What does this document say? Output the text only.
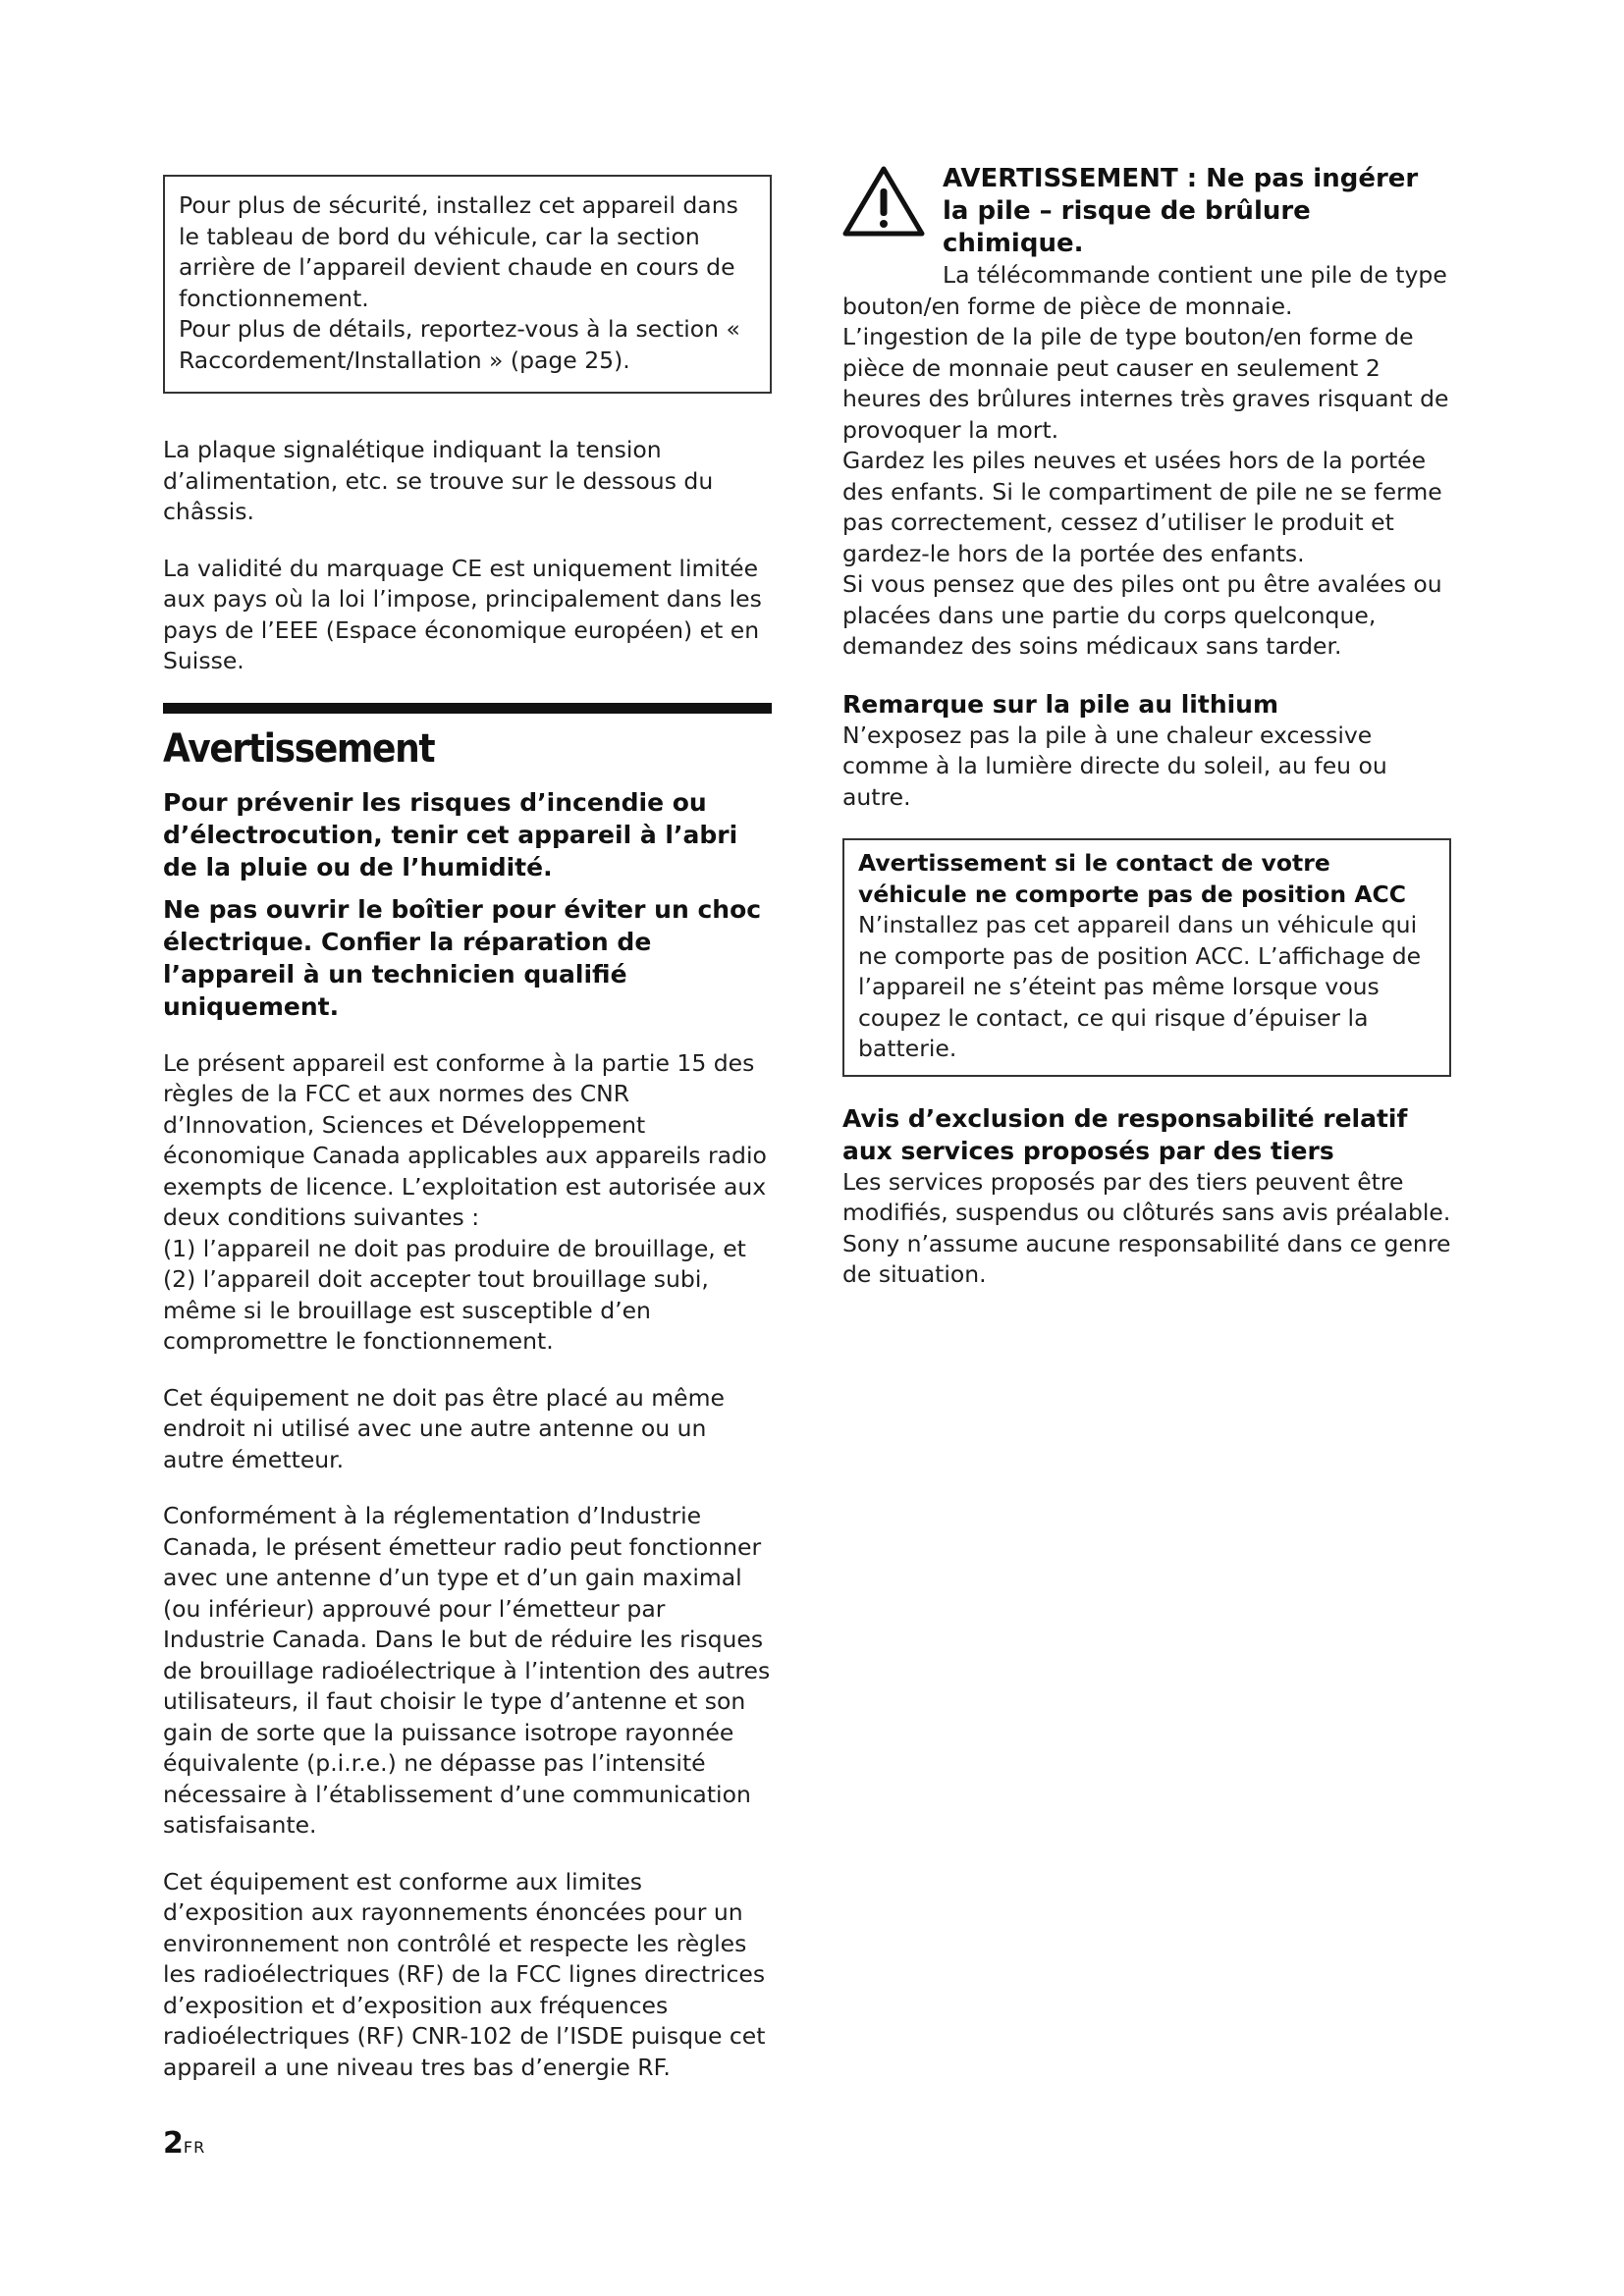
Pour plus de sécurité, installez cet appareil dans le tableau de bord du véhicule, car la section arrière de l’appareil devient chaude en cours de fonctionnement.

Pour plus de détails, reportez-vous à la section « Raccordement/Installation » (page 25).

La plaque signalétique indiquant la tension d’alimentation, etc. se trouve sur le dessous du châssis.

La validité du marquage CE est uniquement limitée aux pays où la loi l’impose, principalement dans les pays de l’EEE (Espace économique européen) et en Suisse.

Avertissement

Pour prévenir les risques d’incendie ou d’électrocution, tenir cet appareil à l’abri de la pluie ou de l’humidité.

Ne pas ouvrir le boîtier pour éviter un choc électrique. Confier la réparation de l’appareil à un technicien qualifié uniquement.

Le présent appareil est conforme à la partie 15 des règles de la FCC et aux normes des CNR d’Innovation, Sciences et Développement économique Canada applicables aux appareils radio exempts de licence. L’exploitation est autorisée aux deux conditions suivantes :

(1) l’appareil ne doit pas produire de brouillage, et (2) l’appareil doit accepter tout brouillage subi, même si le brouillage est susceptible d’en compromettre le fonctionnement.

Cet équipement ne doit pas être placé au même endroit ni utilisé avec une autre antenne ou un autre émetteur.

Conformément à la réglementation d’Industrie Canada, le présent émetteur radio peut fonctionner avec une antenne d’un type et d’un gain maximal (ou inférieur) approuvé pour l’émetteur par Industrie Canada. Dans le but de réduire les risques de brouillage radioélectrique à l’intention des autres utilisateurs, il faut choisir le type d’antenne et son gain de sorte que la puissance isotrope rayonnée équivalente (p.i.r.e.) ne dépasse pas l’intensité nécessaire à l’établissement d’une communication satisfaisante.

Cet équipement est conforme aux limites d’exposition aux rayonnements énoncées pour un environnement non contrôlé et respecte les règles les radioélectriques (RF) de la FCC lignes directrices d’exposition et d’exposition aux fréquences radioélectriques (RF) CNR-102 de l’ISDE puisque cet appareil a une niveau tres bas d’energie RF.

AVERTISSEMENT : Ne pas ingérer la pile – risque de brûlure chimique.

La télécommande contient une pile de type bouton/en forme de pièce de monnaie.

L’ingestion de la pile de type bouton/en forme de pièce de monnaie peut causer en seulement 2 heures des brûlures internes très graves risquant de provoquer la mort.

Gardez les piles neuves et usées hors de la portée des enfants. Si le compartiment de pile ne se ferme pas correctement, cessez d’utiliser le produit et gardez-le hors de la portée des enfants.

Si vous pensez que des piles ont pu être avalées ou placées dans une partie du corps quelconque, demandez des soins médicaux sans tarder.

Remarque sur la pile au lithium

N’exposez pas la pile à une chaleur excessive comme à la lumière directe du soleil, au feu ou autre.

Avertissement si le contact de votre véhicule ne comporte pas de position ACC

N’installez pas cet appareil dans un véhicule qui ne comporte pas de position ACC. L’affichage de l’appareil ne s’éteint pas même lorsque vous coupez le contact, ce qui risque d’épuiser la batterie.

Avis d’exclusion de responsabilité relatif aux services proposés par des tiers

Les services proposés par des tiers peuvent être modifiés, suspendus ou clôturés sans avis préalable. Sony n’assume aucune responsabilité dans ce genre de situation.

2FR
